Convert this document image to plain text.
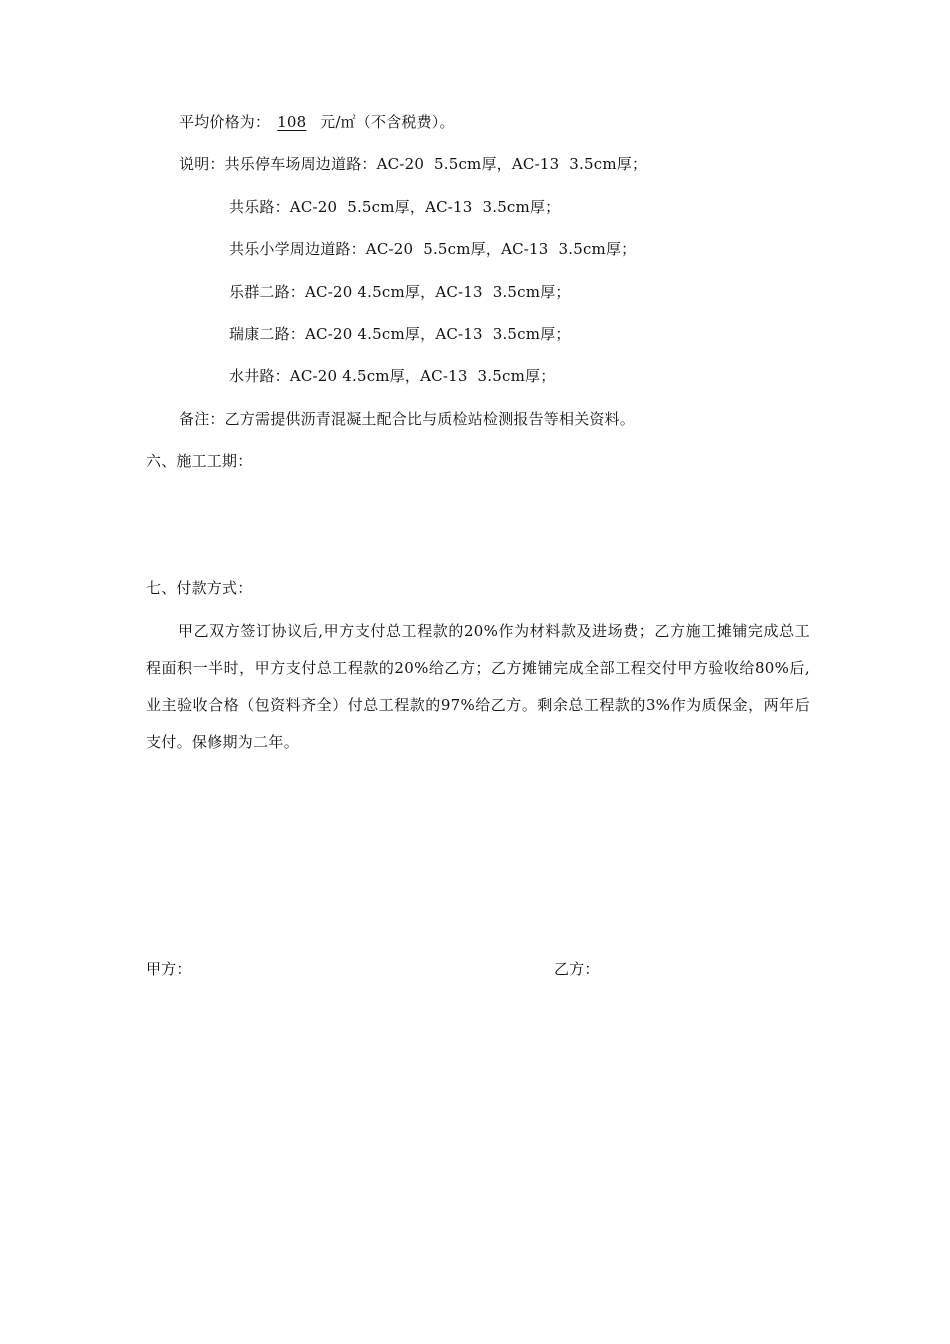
平均价格为： 108 元/㎡（不含税费）。
说明：共乐停车场周边道路：AC-20  5.5cm厚，AC-13  3.5cm厚；
共乐路：AC-20  5.5cm厚，AC-13  3.5cm厚；
共乐小学周边道路：AC-20  5.5cm厚，AC-13  3.5cm厚；
乐群二路：AC-20 4.5cm厚，AC-13  3.5cm厚；
瑞康二路：AC-20 4.5cm厚，AC-13  3.5cm厚；
水井路：AC-20 4.5cm厚，AC-13  3.5cm厚；
备注：乙方需提供沥青混凝土配合比与质检站检测报告等相关资料。
六、施工工期：
七、付款方式：

甲乙双方签订协议后,甲方支付总工程款的20%作为材料款及进场费；乙方施工摊铺完成总工程面积一半时，甲方支付总工程款的20%给乙方；乙方摊铺完成全部工程交付甲方验收给80%后,业主验收合格（包资料齐全）付总工程款的97%给乙方。剩余总工程款的3%作为质保金，两年后支付。保修期为二年。

甲方：	乙方：
